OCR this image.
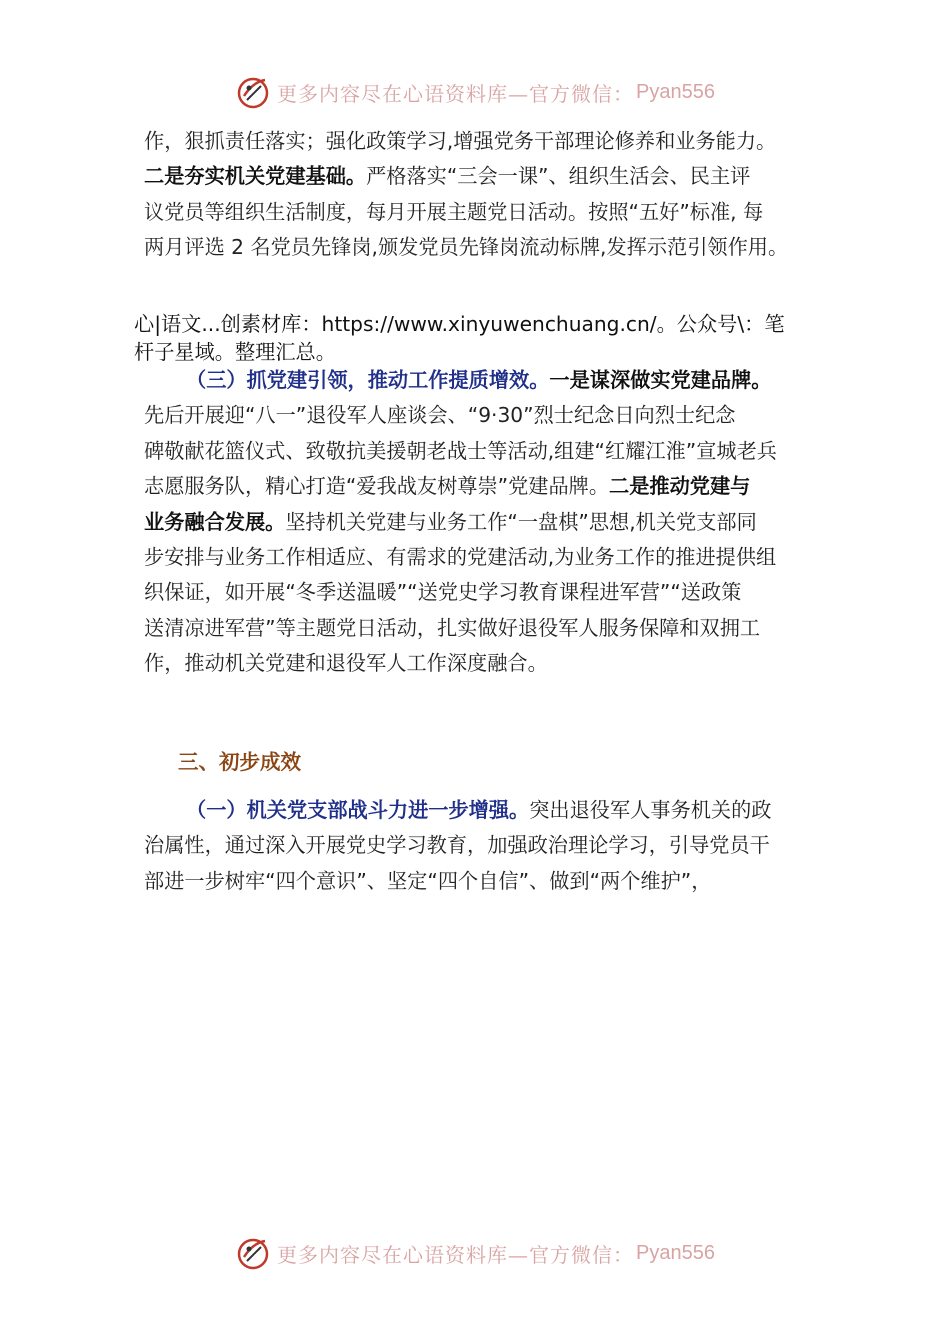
更多内容尽在心语资料库—官方微信： Pyan556
作，狠抓责任落实；强化政策学习,增强党务干部理论修养和业务能力。
二是夯实机关党建基础。严格落实“三会一课”、组织生活会、民主评
议党员等组织生活制度，每月开展主题党日活动。按照“五好”标准, 每
两月评选 2 名党员先锋岗,颁发党员先锋岗流动标牌,发挥示范引领作用。
心|语文...创素材库：https://www.xinyuwenchuang.cn/。公众号\：笔
杆子星域。整理汇总。
（三）抓党建引领，推动工作提质增效。一是谋深做实党建品牌。
先后开展迎“八一”退役军人座谈会、“9·30”烈士纪念日向烈士纪念
碑敬献花篮仪式、致敬抗美援朝老战士等活动,组建“红耀江淮”宣城老兵
志愿服务队，精心打造“爱我战友树尊崇”党建品牌。二是推动党建与
业务融合发展。坚持机关党建与业务工作“一盘棋”思想,机关党支部同
步安排与业务工作相适应、有需求的党建活动,为业务工作的推进提供组
织保证，如开展“冬季送温暖”“送党史学习教育课程进军营”“送政策
送清凉进军营”等主题党日活动，扎实做好退役军人服务保障和双拥工
作，推动机关党建和退役军人工作深度融合。
三、初步成效
（一）机关党支部战斗力进一步增强。突出退役军人事务机关的政
治属性，通过深入开展党史学习教育，加强政治理论学习，引导党员干
部进一步树牢“四个意识”、坚定“四个自信”、做到“两个维护”，
更多内容尽在心语资料库—官方微信： Pyan556
